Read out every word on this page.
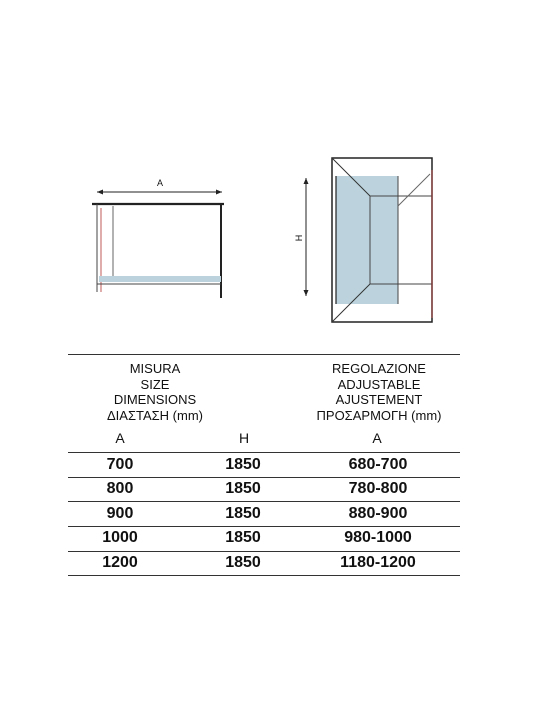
A
H
MISURA
SIZE
DIMENSIONS
ΔΙΑΣΤΑΣΗ (mm)
REGOLAZIONE
ADJUSTABLE
AJUSTEMENT
ΠΡΟΣΑΡΜΟΓΗ (mm)
A	H	A
700	1850	680-700
800	1850	780-800
900	1850	880-900
1000	1850	980-1000
1200	1850	1180-1200
